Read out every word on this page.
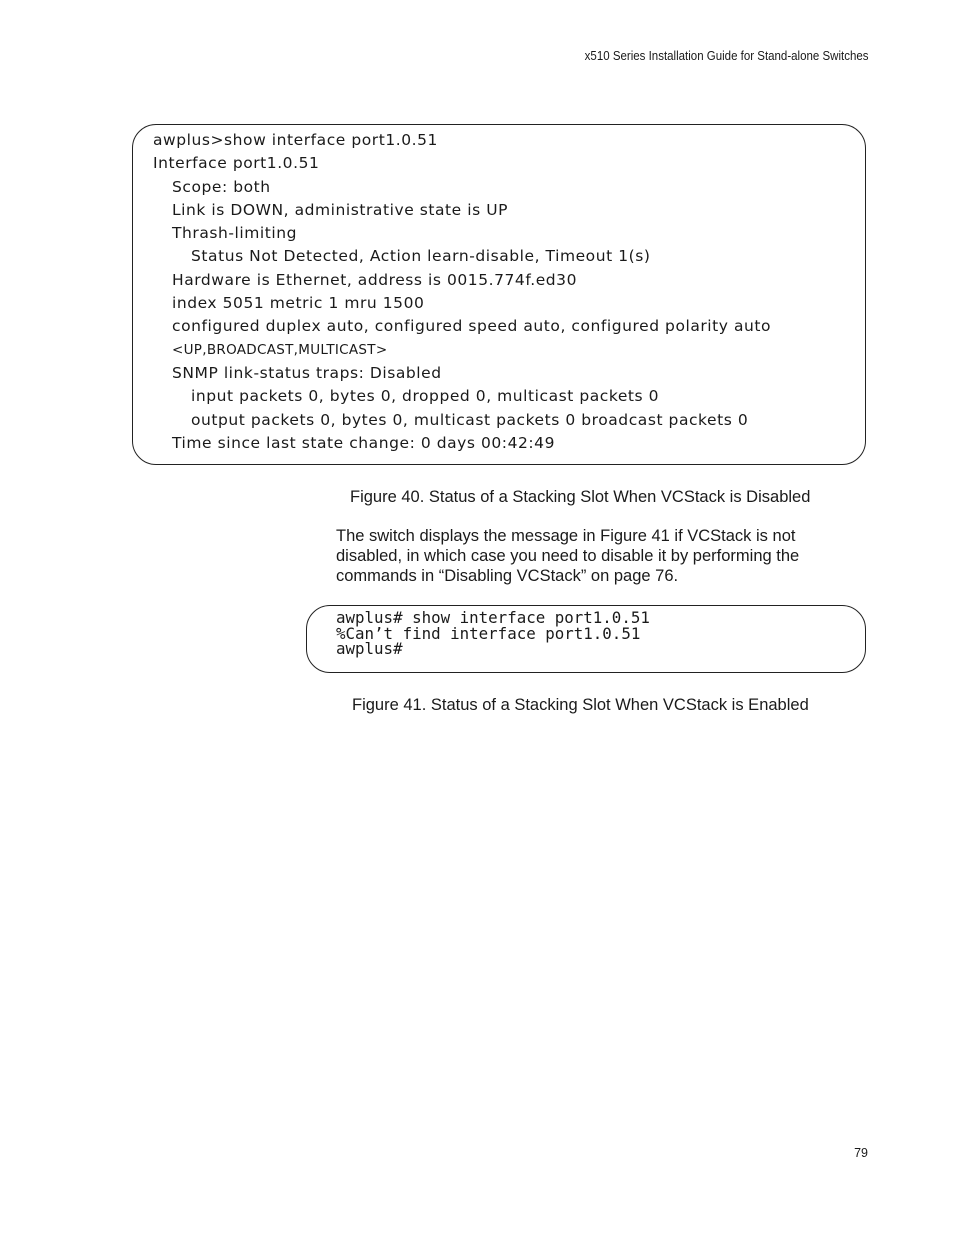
x510 Series Installation Guide for Stand-alone Switches
awplus>show interface port1.0.51
Interface port1.0.51
Scope: both
Link is DOWN, administrative state is UP
Thrash-limiting
Status Not Detected, Action learn-disable, Timeout 1(s)
Hardware is Ethernet, address is 0015.774f.ed30
index 5051 metric 1 mru 1500
configured duplex auto, configured speed auto, configured polarity auto
<UP,BROADCAST,MULTICAST>
SNMP link-status traps: Disabled
input packets 0, bytes 0, dropped 0, multicast packets 0
output packets 0, bytes 0, multicast packets 0 broadcast packets 0
Time since last state change: 0 days 00:42:49
Figure 40. Status of a Stacking Slot When VCStack is Disabled
The switch displays the message in Figure 41 if VCStack is not disabled, in which case you need to disable it by performing the commands in “Disabling VCStack” on page 76.
awplus# show interface port1.0.51
%Can’t find interface port1.0.51
awplus#
Figure 41. Status of a Stacking Slot When VCStack is Enabled
79
